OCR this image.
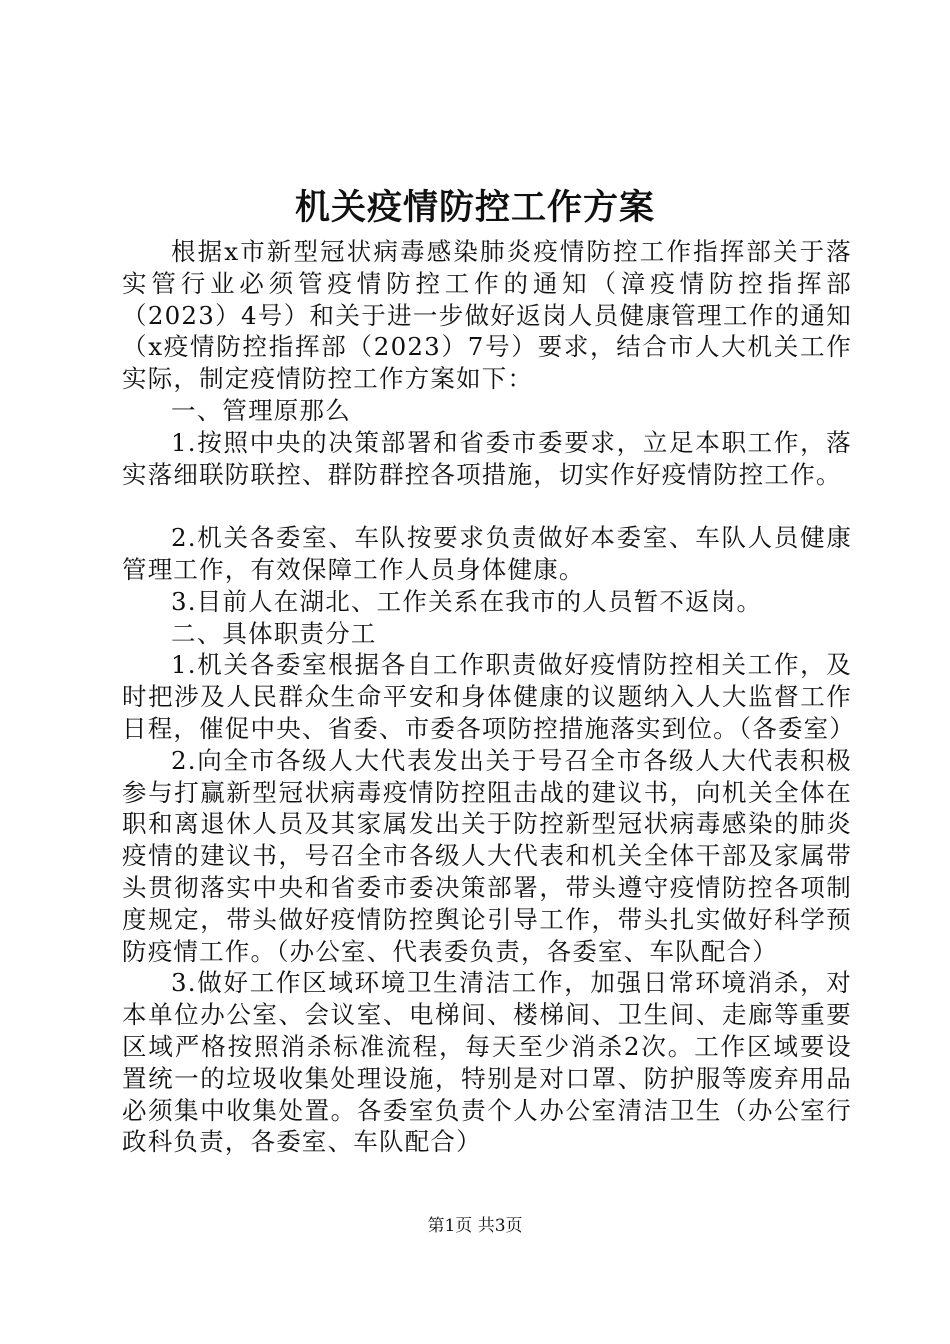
机关疫情防控工作方案

根据x市新型冠状病毒感染肺炎疫情防控工作指挥部关于落实管行业必须管疫情防控工作的通知（漳疫情防控指挥部（2023）4号）和关于进一步做好返岗人员健康管理工作的通知（x疫情防控指挥部（2023）7号）要求，结合市人大机关工作实际，制定疫情防控工作方案如下：

一、管理原那么

1.按照中央的决策部署和省委市委要求，立足本职工作，落实落细联防联控、群防群控各项措施，切实作好疫情防控工作。

2.机关各委室、车队按要求负责做好本委室、车队人员健康管理工作，有效保障工作人员身体健康。

3.目前人在湖北、工作关系在我市的人员暂不返岗。

二、具体职责分工

1.机关各委室根据各自工作职责做好疫情防控相关工作，及时把涉及人民群众生命平安和身体健康的议题纳入人大监督工作日程，催促中央、省委、市委各项防控措施落实到位。（各委室）

2.向全市各级人大代表发出关于号召全市各级人大代表积极参与打赢新型冠状病毒疫情防控阻击战的建议书，向机关全体在职和离退休人员及其家属发出关于防控新型冠状病毒感染的肺炎疫情的建议书，号召全市各级人大代表和机关全体干部及家属带头贯彻落实中央和省委市委决策部署，带头遵守疫情防控各项制度规定，带头做好疫情防控舆论引导工作，带头扎实做好科学预防疫情工作。（办公室、代表委负责，各委室、车队配合）

3.做好工作区域环境卫生清洁工作，加强日常环境消杀，对本单位办公室、会议室、电梯间、楼梯间、卫生间、走廊等重要区域严格按照消杀标准流程，每天至少消杀2次。工作区域要设置统一的垃圾收集处理设施，特别是对口罩、防护服等废弃用品必须集中收集处置。各委室负责个人办公室清洁卫生（办公室行政科负责，各委室、车队配合）

第1页 共3页
